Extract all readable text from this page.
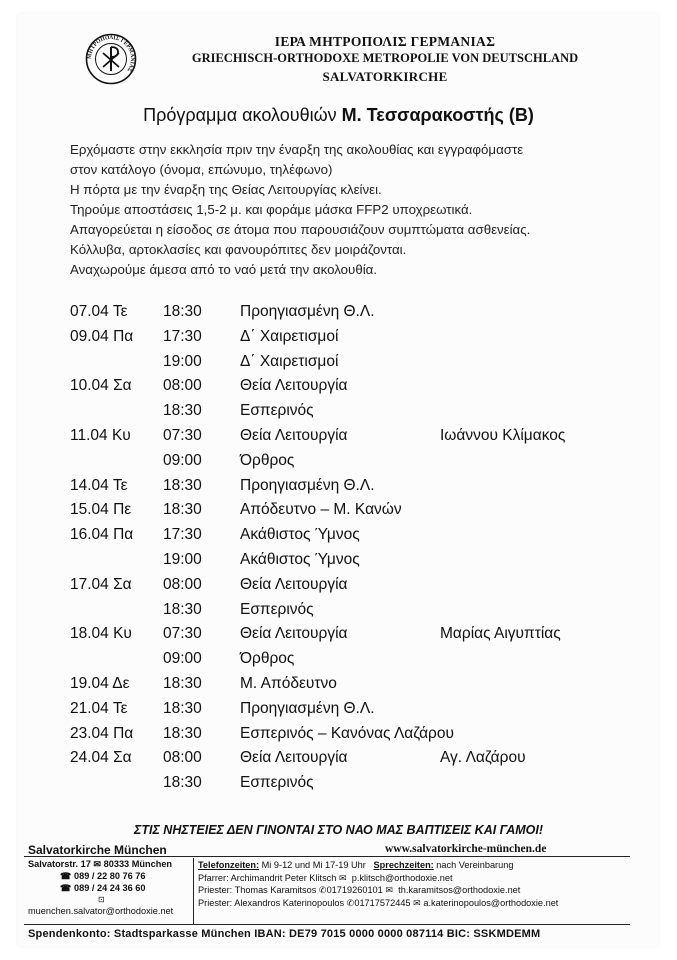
ΜΗΤΡΟΠΟΛΙΣ ΓΕΡΜΑΝΙΑΣ
ΙΕΡΑ ΜΗΤΡΟΠΟΛΙΣ ΓΕΡΜΑΝΙΑΣ
GRIECHISCH-ORTHODOXE METROPOLIE VON DEUTSCHLAND
SALVATORKIRCHE
Πρόγραμμα ακολουθιών Μ. Τεσσαρακοστής (Β)
Ερχόμαστε στην εκκλησία πριν την έναρξη της ακολουθίας και εγγραφόμαστε
στον κατάλογο (όνομα, επώνυμο, τηλέφωνο)
Η πόρτα με την έναρξη της Θείας Λειτουργίας κλείνει.
Τηρούμε αποστάσεις 1,5-2 μ. και φοράμε μάσκα FFP2 υποχρεωτικά.
Απαγορεύεται η είσοδος σε άτομα που παρουσιάζουν συμπτώματα ασθενείας.
Κόλλυβα, αρτοκλασίες και φανουρόπιτες δεν μοιράζονται.
Αναχωρούμε άμεσα από το ναό μετά την ακολουθία.
07.04 Τε 18:30 Προηγιασμένη Θ.Λ.
09.04 Πα 17:30 Δ΄ Χαιρετισμοί
19:00 Δ΄ Χαιρετισμοί
10.04 Σα 08:00 Θεία Λειτουργία
18:30 Εσπερινός
11.04 Κυ 07:30 Θεία Λειτουργία	Ιωάννου Κλίμακος
09:00 Όρθρος
14.04 Τε 18:30 Προηγιασμένη Θ.Λ.
15.04 Πε 18:30 Απόδευτνο – Μ. Κανών
16.04 Πα 17:30 Ακάθιστος Ύμνος
19:00 Ακάθιστος Ύμνος
17.04 Σα 08:00 Θεία Λειτουργία
18:30 Εσπερινός
18.04 Κυ 07:30 Θεία Λειτουργία	Μαρίας Αιγυπτίας
09:00 Όρθρος
19.04 Δε 18:30 Μ. Απόδευτνο
21.04 Τε 18:30 Προηγιασμένη Θ.Λ.
23.04 Πα 18:30 Εσπερινός – Κανόνας Λαζάρου
24.04 Σα 08:00 Θεία Λειτουργία	Αγ. Λαζάρου
18:30 Εσπερινός
ΣΤΙΣ ΝΗΣΤΕΙΕΣ ΔΕΝ ΓΙΝΟΝΤΑΙ ΣΤΟ ΝΑΟ ΜΑΣ ΒΑΠΤΙΣΕΙΣ ΚΑΙ ΓΑΜΟΙ!
Salvatorkirche München	www.salvatorkirche-münchen.de
Salvatorstr. 17 ✉ 80333 München
☎ 089 / 22 80 76 76
☎ 089 / 24 24 36 60
⊡
muenchen.salvator@orthodoxie.net
Telefonzeiten: Mi 9-12 und Mi 17-19 Uhr Sprechzeiten: nach Vereinbarung
Pfarrer: Archimandrit Peter Klitsch ✉ p.klitsch@orthodoxie.net
Priester: Thomas Karamitsos ✆01719260101 ✉ th.karamitsos@orthodoxie.net
Priester: Alexandros Katerinopoulos ✆01717572445 ✉ a.katerinopoulos@orthodoxie.net
Spendenkonto: Stadtsparkasse München IBAN: DE79 7015 0000 0000 087114 BIC: SSKMDEMM
